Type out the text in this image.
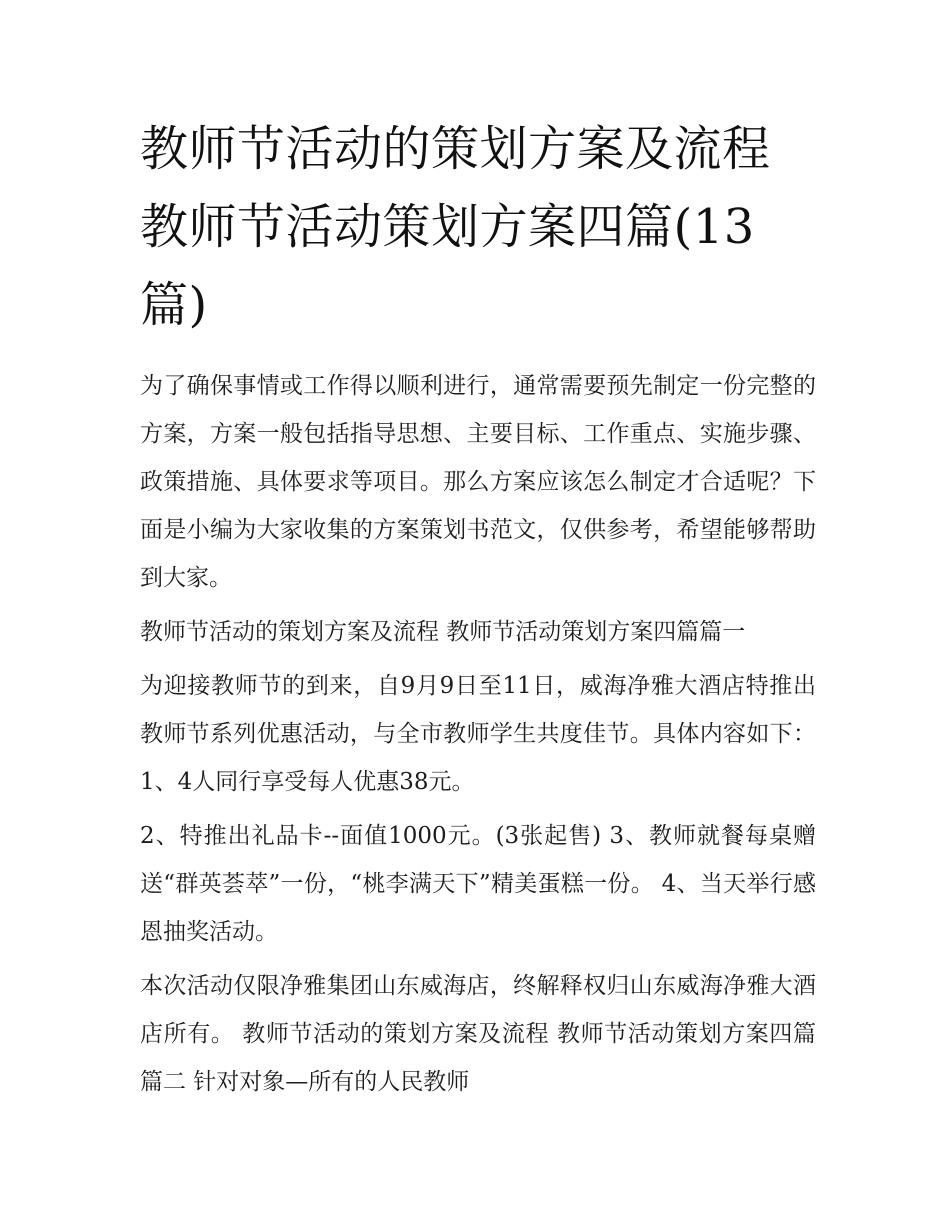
教师节活动的策划方案及流程 教师节活动策划方案四篇(13篇)

为了确保事情或工作得以顺利进行，通常需要预先制定一份完整的方案，方案一般包括指导思想、主要目标、工作重点、实施步骤、政策措施、具体要求等项目。那么方案应该怎么制定才合适呢？下面是小编为大家收集的方案策划书范文，仅供参考，希望能够帮助到大家。

教师节活动的策划方案及流程 教师节活动策划方案四篇篇一

为迎接教师节的到来，自9月9日至11日，威海净雅大酒店特推出教师节系列优惠活动，与全市教师学生共度佳节。具体内容如下： 1、4人同行享受每人优惠38元。

2、特推出礼品卡--面值1000元。(3张起售) 3、教师就餐每桌赠送“群英荟萃”一份，“桃李满天下”精美蛋糕一份。 4、当天举行感恩抽奖活动。

本次活动仅限净雅集团山东威海店，终解释权归山东威海净雅大酒店所有。 教师节活动的策划方案及流程 教师节活动策划方案四篇篇二 针对对象—所有的人民教师
